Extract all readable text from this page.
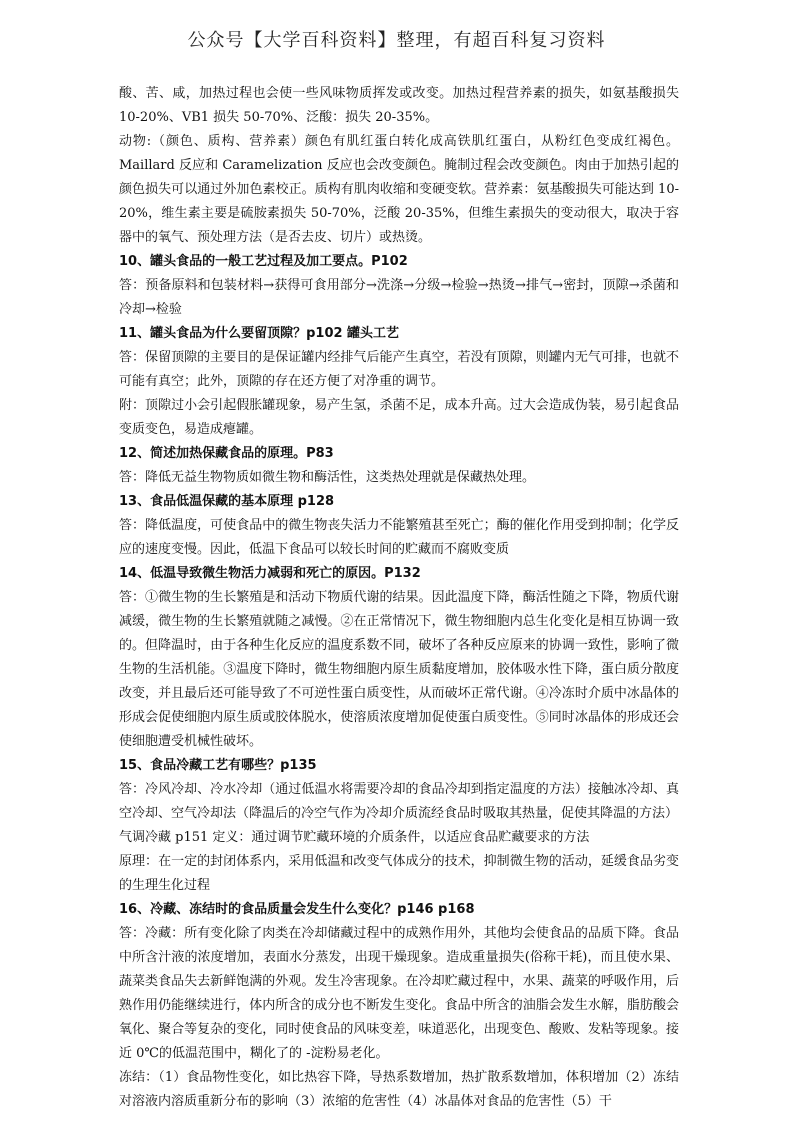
公众号【大学百科资料】整理，有超百科复习资料

酸、苦、咸，加热过程也会使一些风味物质挥发或改变。加热过程营养素的损失，如氨基酸损失 10-20%、VB1 损失 50-70%、泛酸：损失 20-35%。

动物:（颜色、质构、营养素）颜色有肌红蛋白转化成高铁肌红蛋白，从粉红色变成红褐色。Maillard 反应和 Caramelization 反应也会改变颜色。腌制过程会改变颜色。肉由于加热引起的颜色损失可以通过外加色素校正。质构有肌肉收缩和变硬变软。营养素：氨基酸损失可能达到 10-20%，维生素主要是硫胺素损失 50-70%，泛酸 20-35%，但维生素损失的变动很大，取决于容器中的氧气、预处理方法（是否去皮、切片）或热烫。

10、罐头食品的一般工艺过程及加工要点。P102

答：预备原料和包装材料→获得可食用部分→洗涤→分级→检验→热烫→排气→密封，顶隙→杀菌和冷却→检验

11、罐头食品为什么要留顶隙？p102 罐头工艺

答：保留顶隙的主要目的是保证罐内经排气后能产生真空，若没有顶隙，则罐内无气可排，也就不可能有真空；此外，顶隙的存在还方便了对净重的调节。

附：顶隙过小会引起假胀罐现象，易产生氢，杀菌不足，成本升高。过大会造成伪装，易引起食品变质变色，易造成瘪罐。

12、简述加热保藏食品的原理。P83

答：降低无益生物物质如微生物和酶活性，这类热处理就是保藏热处理。

13、食品低温保藏的基本原理 p128

答：降低温度，可使食品中的微生物丧失活力不能繁殖甚至死亡；酶的催化作用受到抑制；化学反应的速度变慢。因此，低温下食品可以较长时间的贮藏而不腐败变质

14、低温导致微生物活力减弱和死亡的原因。P132

答：①微生物的生长繁殖是和活动下物质代谢的结果。因此温度下降，酶活性随之下降，物质代谢减缓，微生物的生长繁殖就随之减慢。②在正常情况下，微生物细胞内总生化变化是相互协调一致的。但降温时，由于各种生化反应的温度系数不同，破坏了各种反应原来的协调一致性，影响了微生物的生活机能。③温度下降时，微生物细胞内原生质黏度增加，胶体吸水性下降，蛋白质分散度改变，并且最后还可能导致了不可逆性蛋白质变性，从而破坏正常代谢。④冷冻时介质中冰晶体的形成会促使细胞内原生质或胶体脱水，使溶质浓度增加促使蛋白质变性。⑤同时冰晶体的形成还会使细胞遭受机械性破坏。

15、食品冷藏工艺有哪些？p135

答：冷风冷却、冷水冷却（通过低温水将需要冷却的食品冷却到指定温度的方法）接触冰冷却、真空冷却、空气冷却法（降温后的冷空气作为冷却介质流经食品时吸取其热量，促使其降温的方法）

气调冷藏 p151 定义：通过调节贮藏环境的介质条件，以适应食品贮藏要求的方法

原理：在一定的封闭体系内，采用低温和改变气体成分的技术，抑制微生物的活动，延缓食品劣变的生理生化过程

16、冷藏、冻结时的食品质量会发生什么变化？p146 p168

答：冷藏：所有变化除了肉类在冷却储藏过程中的成熟作用外，其他均会使食品的品质下降。食品中所含汁液的浓度增加，表面水分蒸发，出现干燥现象。造成重量损失(俗称干耗)，而且使水果、蔬菜类食品失去新鲜饱满的外观。发生冷害现象。在冷却贮藏过程中，水果、蔬菜的呼吸作用，后熟作用仍能继续进行，体内所含的成分也不断发生变化。食品中所含的油脂会发生水解，脂肪酸会氧化、聚合等复杂的变化，同时使食品的风味变差，味道恶化，出现变色、酸败、发粘等现象。接近 0℃的低温范围中，糊化了的 -淀粉易老化。

冻结：（1）食品物性变化，如比热容下降，导热系数增加，热扩散系数增加，体积增加（2）冻结对溶液内溶质重新分布的影响（3）浓缩的危害性（4）冰晶体对食品的危害性（5）干
